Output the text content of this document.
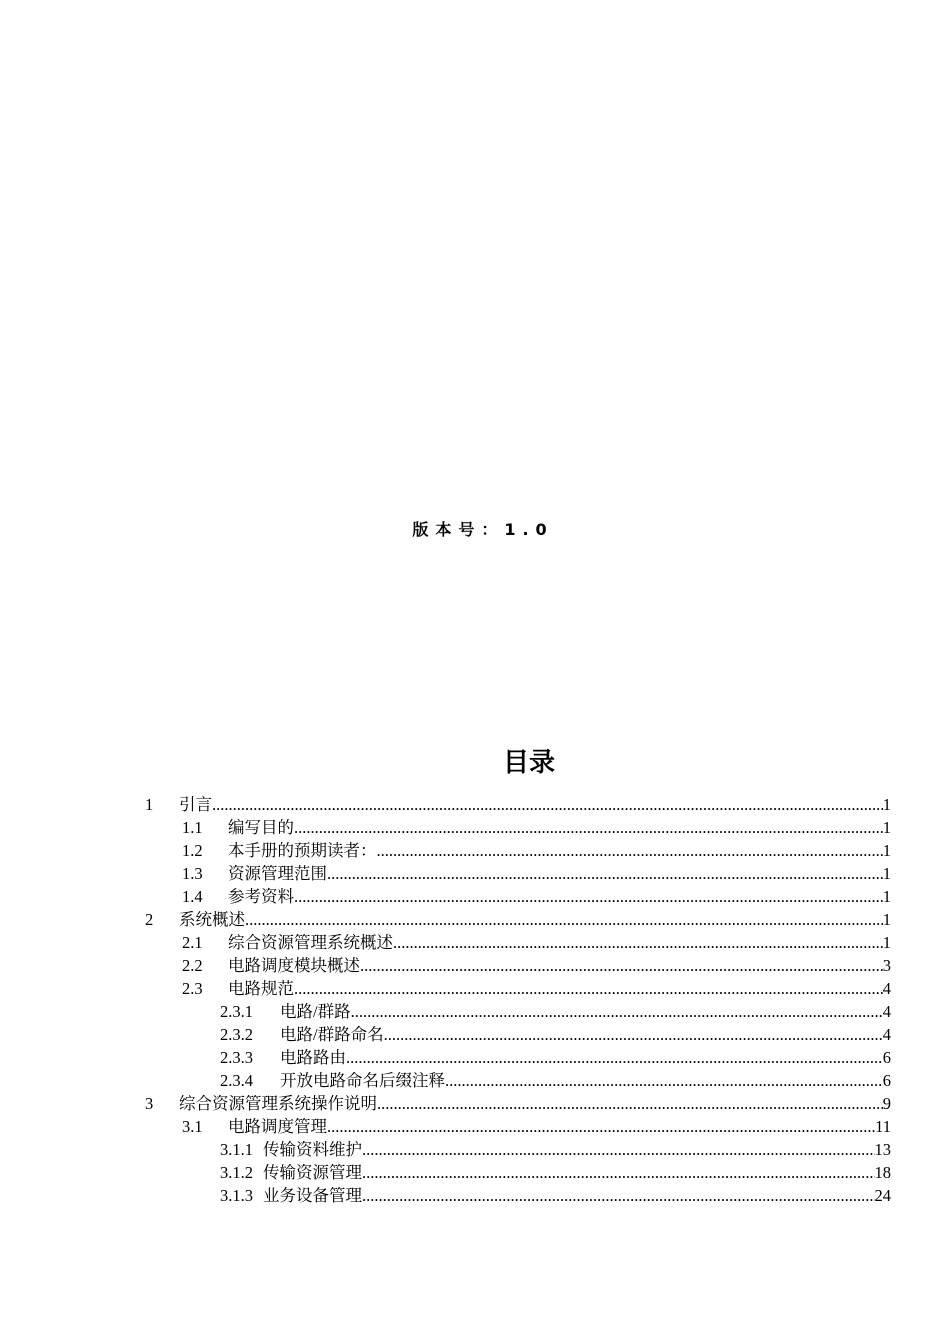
版本号：1.0
目录
1	引言 .....	1
1.1	编写目的 .....	1
1.2	本手册的预期读者： .....	1
1.3	资源管理范围 .....	1
1.4	参考资料 .....	1
2	系统概述 .....	1
2.1	综合资源管理系统概述 .....	1
2.2	电路调度模块概述 .....	3
2.3	电路规范 .....	4
2.3.1	电路/群路 .....	4
2.3.2	电路/群路命名 .....	4
2.3.3	电路路由 .....	6
2.3.4	开放电路命名后缀注释 .....	6
3	综合资源管理系统操作说明 .....	9
3.1	电路调度管理 .....	11
3.1.1 传输资料维护 .....	13
3.1.2 传输资源管理 .....	18
3.1.3 业务设备管理 .....	24
